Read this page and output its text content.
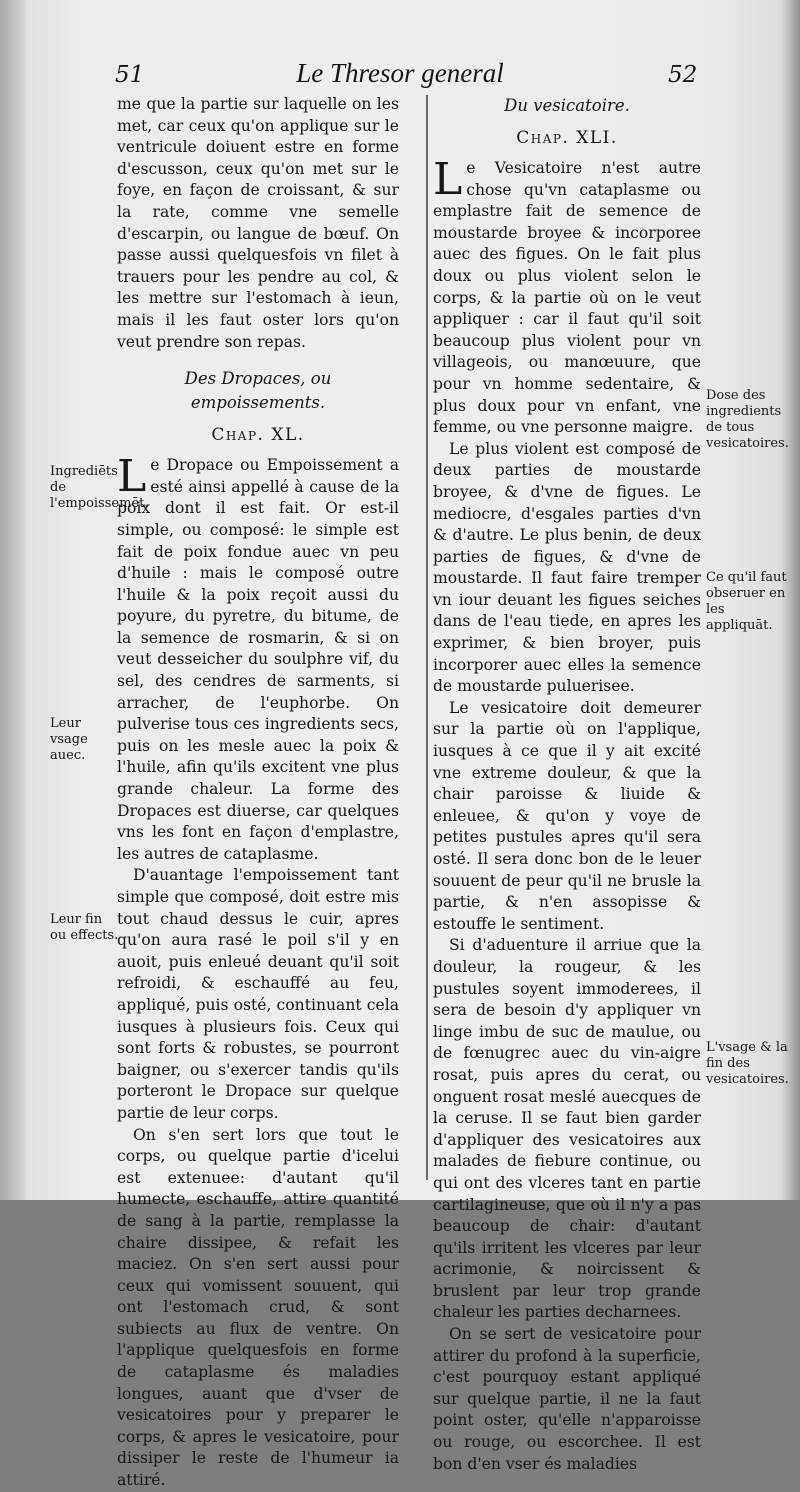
51	Le Thresor general	52

me que la partie sur laquelle on les met, car ceux qu'on applique sur le ventricule doiuent estre en forme d'escusson, ceux qu'on met sur le foye, en façon de croissant, & sur la rate, comme vne semelle d'escarpin, ou langue de bœuf. On passe aussi quelquesfois vn filet à trauers pour les pendre au col, & les mettre sur l'estomach à ieun, mais il les faut oster lors qu'on veut prendre son repas.

Des Dropaces, ou empoissements.

Chap. XL.

Le Dropace ou Empoissement a esté ainsi appellé à cause de la poix dont il est fait. Or est-il simple, ou composé: le simple est fait de poix fondue auec vn peu d'huile : mais le composé outre l'huile & la poix reçoit aussi du poyure, du pyretre, du bitume, de la semence de rosmarin, & si on veut desseicher du soulphre vif, du sel, des cendres de sarments, si arracher, de l'euphorbe. On pulverise tous ces ingredients secs, puis on les mesle auec la poix & l'huile, afin qu'ils excitent vne plus grande chaleur. La forme des Dropaces est diuerse, car quelques vns les font en façon d'emplastre, les autres de cataplasme.

D'auantage l'empoissement tant simple que composé, doit estre mis tout chaud dessus le cuir, apres qu'on aura rasé le poil s'il y en auoit, puis enleué deuant qu'il soit refroidi, & eschauffé au feu, appliqué, puis osté, continuant cela iusques à plusieurs fois. Ceux qui sont forts & robustes, se pourront baigner, ou s'exercer tandis qu'ils porteront le Dropace sur quelque partie de leur corps.

On s'en sert lors que tout le corps, ou quelque partie d'icelui est extenuee: d'autant qu'il humecte, eschauffe, attire quantité de sang à la partie, remplasse la chaire dissipee, & refait les maciez. On s'en sert aussi pour ceux qui vomissent souuent, qui ont l'estomach crud, & sont subiects au flux de ventre. On l'applique quelquesfois en forme de cataplasme és maladies longues, auant que d'vser de vesicatoires pour y preparer le corps, & apres le vesicatoire, pour dissiper le reste de l'humeur ia attiré.

Du vesicatoire.

Chap. XLI.

Le Vesicatoire n'est autre chose qu'vn cataplasme ou emplastre fait de semence de moustarde broyee & incorporee auec des figues. On le fait plus doux ou plus violent selon le corps, & la partie où on le veut appliquer : car il faut qu'il soit beaucoup plus violent pour vn villageois, ou manœuure, que pour vn homme sedentaire, & plus doux pour vn enfant, vne femme, ou vne personne maigre.

Le plus violent est composé de deux parties de moustarde broyee, & d'vne de figues. Le mediocre, d'esgales parties d'vn & d'autre. Le plus benin, de deux parties de figues, & d'vne de moustarde. Il faut faire tremper vn iour deuant les figues seiches dans de l'eau tiede, en apres les exprimer, & bien broyer, puis incorporer auec elles la semence de moustarde puluerisee.

Le vesicatoire doit demeurer sur la partie où on l'applique, iusques à ce que il y ait excité vne extreme douleur, & que la chair paroisse & liuide & enleuee, & qu'on y voye de petites pustules apres qu'il sera osté. Il sera donc bon de le leuer souuent de peur qu'il ne brusle la partie, & n'en assopisse & estouffe le sentiment.

Si d'aduenture il arriue que la douleur, la rougeur, & les pustules soyent immoderees, il sera de besoin d'y appliquer vn linge imbu de suc de maulue, ou de fœnugrec auec du vin-aigre rosat, puis apres du cerat, ou onguent rosat meslé auecques de la ceruse. Il se faut bien garder d'appliquer des vesicatoires aux malades de fiebure continue, ou qui ont des vlceres tant en partie cartilagineuse, que où il n'y a pas beaucoup de chair: d'autant qu'ils irritent les vlceres par leur acrimonie, & noircissent & bruslent par leur trop grande chaleur les parties decharnees.

On se sert de vesicatoire pour attirer du profond à la superficie, c'est pourquoy estant appliqué sur quelque partie, il ne la faut point oster, qu'elle n'apparoisse ou rouge, ou escorchee. Il est bon d'en vser és maladies

Ingrediēts de l'empoissemēt.
Leur vsage auec.
Leur fin ou effects.
Dose des ingredients de tous vesicatoires.
Ce qu'il faut obseruer en les appliquāt.
L'vsage & la fin des vesicatoires.
